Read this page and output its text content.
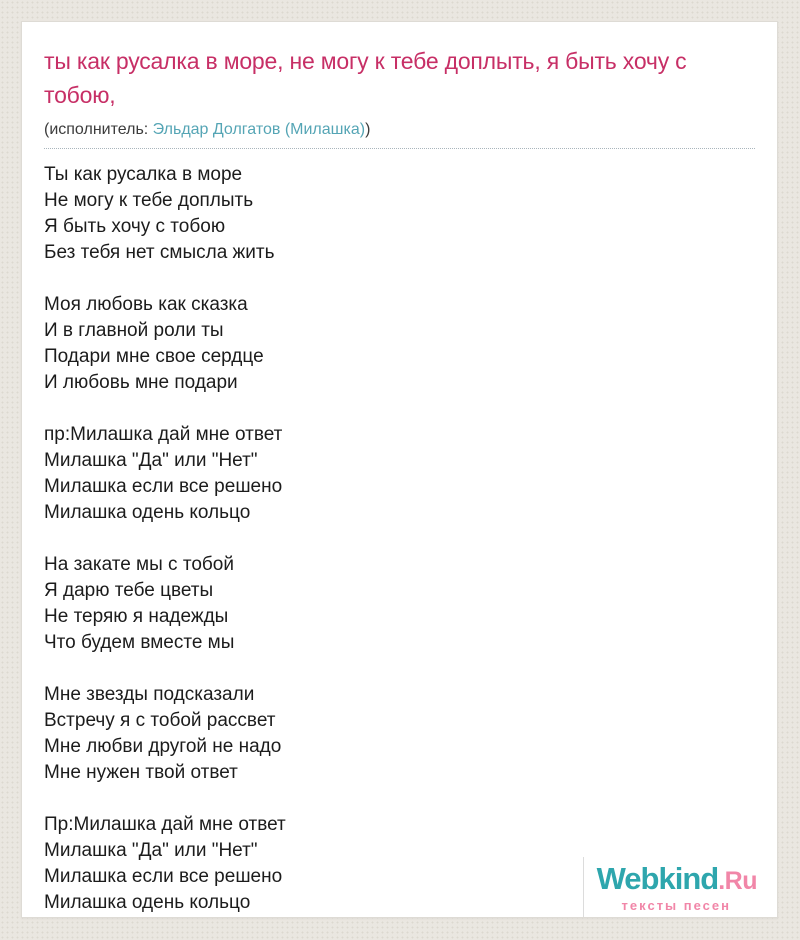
ты как русалка в море, не могу к тебе доплыть, я быть хочу с тобою,
(исполнитель: Эльдар Долгатов (Милашка))
Ты как русалка в море
Не могу к тебе доплыть
Я быть хочу с тобою
Без тебя нет смысла жить
Моя любовь как сказка
И в главной роли ты
Подари мне свое сердце
И любовь мне подари
пр:Милашка дай мне ответ
Милашка "Да" или "Нет"
Милашка если все решено
Милашка одень кольцо
На закате мы с тобой
Я дарю тебе цветы
Не теряю я надежды
Что будем вместе мы
Мне звезды подсказали
Встречу я с тобой рассвет
Мне любви другой не надо
Мне нужен твой ответ
Пр:Милашка дай мне ответ
Милашка "Да" или "Нет"
Милашка если все решено
Милашка одень кольцо
Webkind.Ru
тексты песен
